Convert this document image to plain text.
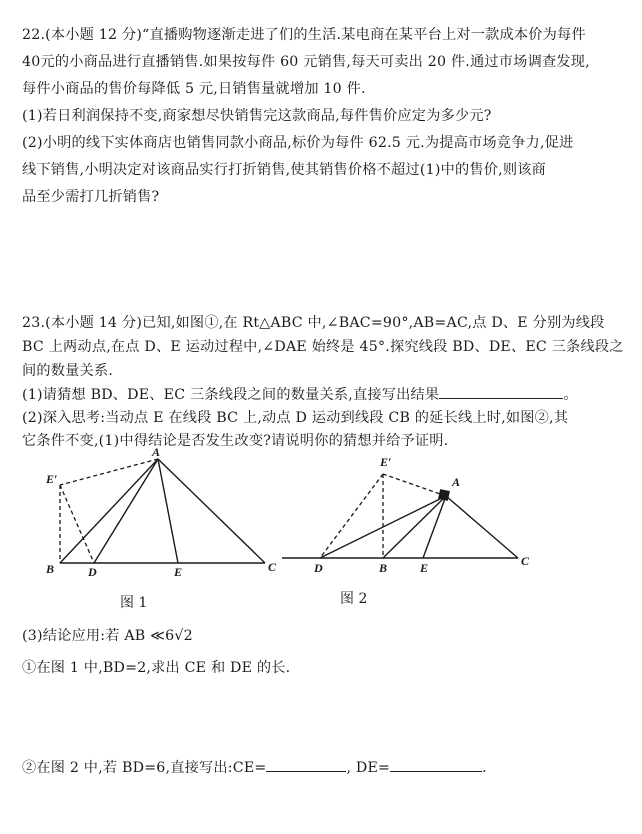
22.(本小题 12 分)“直播购物逐渐走进了们的生活.某电商在某平台上对一款成本价为每件
40元的小商品进行直播销售.如果按每件 60 元销售,每天可卖出 20 件.通过市场调查发现,
每件小商品的售价每降低 5 元,日销售量就增加 10 件.
(1)若日利润保持不变,商家想尽快销售完这款商品,每件售价应定为多少元?
(2)小明的线下实体商店也销售同款小商品,标价为每件 62.5 元.为提高市场竞争力,促进
线下销售,小明决定对该商品实行打折销售,使其销售价格不超过(1)中的售价,则该商
品至少需打几折销售?
23.(本小题 14 分)已知,如图①,在 Rt△ABC 中,∠BAC=90°,AB=AC,点 D、E 分别为线段
BC 上两动点,在点 D、E 运动过程中,∠DAE 始终是 45°.探究线段 BD、DE、EC 三条线段之
间的数量关系.
(1)请猜想 BD、DE、EC 三条线段之间的数量关系,直接写出结果	。
(2)深入思考:当动点 E 在线段 BC 上,动点 D 运动到线段 CB 的延长线上时,如图②,其
它条件不变,(1)中得结论是否发生改变?请说明你的猜想并给予证明.
A
E′
B	D	E	C
图 1
E′
A
D	B	E	C
图 2
(3)结论应用:若 AB ≪6√2
①在图 1 中,BD=2,求出 CE 和 DE 的长.
②在图 2 中,若 BD=6,直接写出:CE=	, DE=	.
